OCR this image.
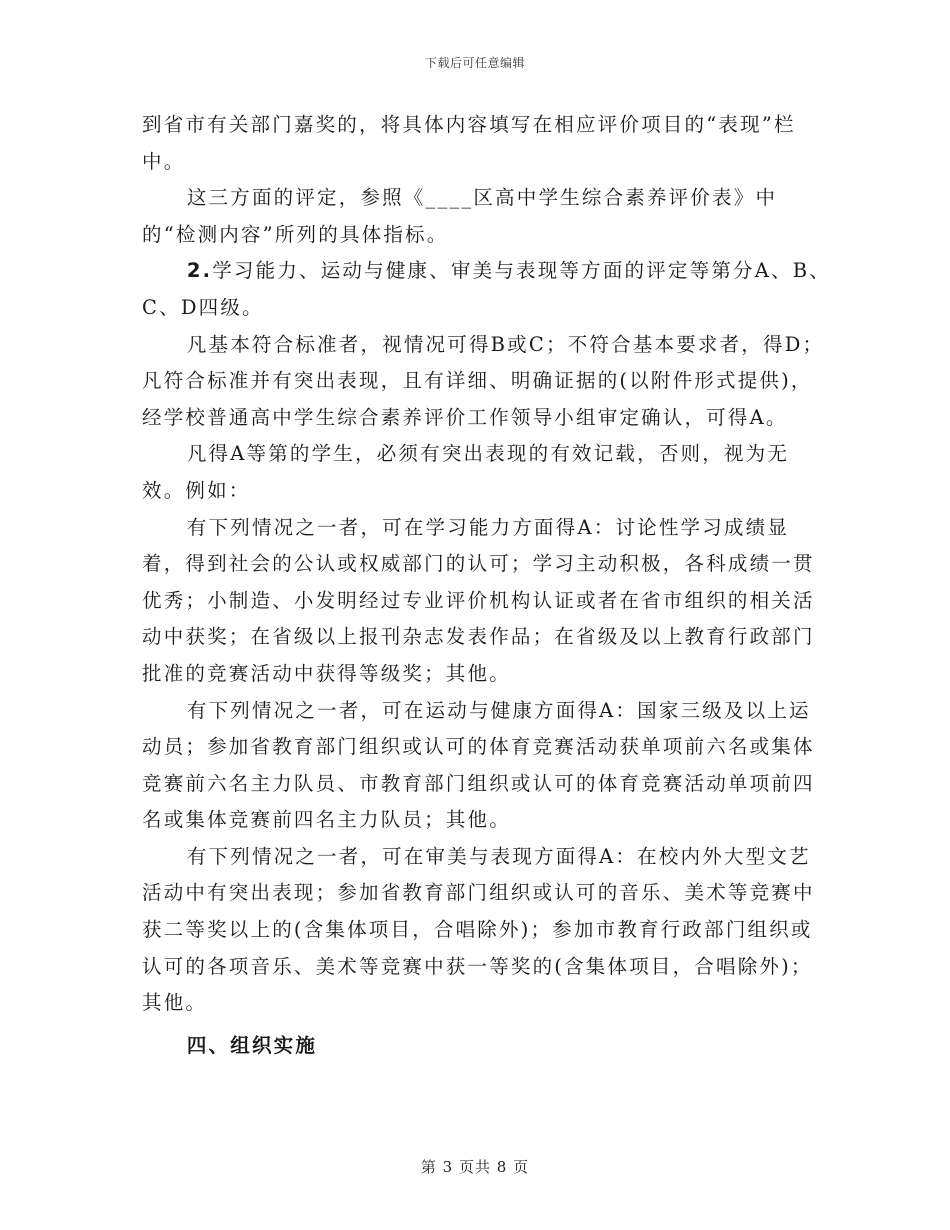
下载后可任意编辑

到省市有关部门嘉奖的，将具体内容填写在相应评价项目的“表现”栏中。

这三方面的评定，参照《____区高中学生综合素养评价表》中的“检测内容”所列的具体指标。

2.学习能力、运动与健康、审美与表现等方面的评定等第分A、B、C、D四级。

凡基本符合标准者，视情况可得B或C；不符合基本要求者，得D；凡符合标准并有突出表现，且有详细、明确证据的(以附件形式提供)，经学校普通高中学生综合素养评价工作领导小组审定确认，可得A。

凡得A等第的学生，必须有突出表现的有效记载，否则，视为无效。例如：

有下列情况之一者，可在学习能力方面得A：讨论性学习成绩显着，得到社会的公认或权威部门的认可；学习主动积极，各科成绩一贯优秀；小制造、小发明经过专业评价机构认证或者在省市组织的相关活动中获奖；在省级以上报刊杂志发表作品；在省级及以上教育行政部门批准的竞赛活动中获得等级奖；其他。

有下列情况之一者，可在运动与健康方面得A：国家三级及以上运动员；参加省教育部门组织或认可的体育竞赛活动获单项前六名或集体竞赛前六名主力队员、市教育部门组织或认可的体育竞赛活动单项前四名或集体竞赛前四名主力队员；其他。

有下列情况之一者，可在审美与表现方面得A：在校内外大型文艺活动中有突出表现；参加省教育部门组织或认可的音乐、美术等竞赛中获二等奖以上的(含集体项目，合唱除外)；参加市教育行政部门组织或认可的各项音乐、美术等竞赛中获一等奖的(含集体项目，合唱除外)；其他。

四、组织实施

第 3 页共 8 页
